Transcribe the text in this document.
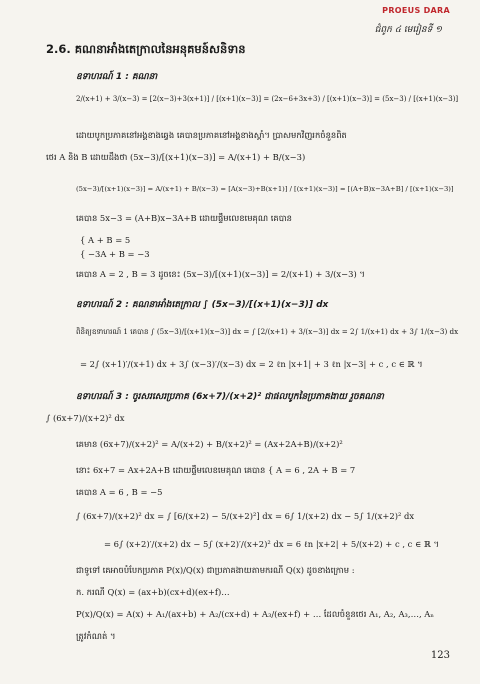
PROEUS DARA
ជំពូក ៤ មេរៀនទី ១
2.6. គណនាអាំងតេក្រាលនៃអនុគមន៍សនិទាន
ឧទាហរណ៍ 1 : គណនា
2/(x+1) + 3/(x−3) = [2(x−3)+3(x+1)] / [(x+1)(x−3)] = (2x−6+3x+3) / [(x+1)(x−3)] = (5x−3) / [(x+1)(x−3)]
ដោយបូកប្រភាគនៅអង្គខាងឆ្វេង គេបានប្រភាគនៅអង្គខាងស្ដាំ។ ប្រាសមកវិញរកចំនួនពិត
ថេរ A និង B ដោយដឹងថា (5x−3)/[(x+1)(x−3)] = A/(x+1) + B/(x−3)
(5x−3)/[(x+1)(x−3)] = A/(x+1) + B/(x−3) = [A(x−3)+B(x+1)] / [(x+1)(x−3)] = [(A+B)x−3A+B] / [(x+1)(x−3)]
គេបាន 5x−3 = (A+B)x−3A+B ដោយផ្ទឹមលេខមេគុណ គេបាន
{ A + B = 5
{ −3A + B = −3
គេបាន A = 2 , B = 3 ដូចនេះ (5x−3)/[(x+1)(x−3)] = 2/(x+1) + 3/(x−3) ។
ឧទាហរណ៍ 2 : គណនាអាំងតេក្រាល ∫ (5x−3)/[(x+1)(x−3)] dx
ពិនិត្យឧទាហរណ៍ 1 គេបាន ∫ (5x−3)/[(x+1)(x−3)] dx = ∫ [2/(x+1) + 3/(x−3)] dx = 2∫ 1/(x+1) dx + 3∫ 1/(x−3) dx
= 2∫ (x+1)′/(x+1) dx + 3∫ (x−3)′/(x−3) dx = 2 ℓn |x+1| + 3 ℓn |x−3| + c , c ∈ ℝ ។
ឧទាហរណ៍ 3 : ចូរសរសេរប្រភាគ (6x+7)/(x+2)² ជាផលបូកនៃប្រភាគងាយ រួចគណនា
∫ (6x+7)/(x+2)² dx
គេមាន (6x+7)/(x+2)² = A/(x+2) + B/(x+2)² = (Ax+2A+B)/(x+2)²
នោះ 6x+7 = Ax+2A+B ដោយផ្ទឹមលេខមេគុណ គេបាន { A = 6 , 2A + B = 7
គេបាន A = 6 , B = −5
∫ (6x+7)/(x+2)² dx = ∫ [6/(x+2) − 5/(x+2)²] dx = 6∫ 1/(x+2) dx − 5∫ 1/(x+2)² dx
= 6∫ (x+2)′/(x+2) dx − 5∫ (x+2)′/(x+2)² dx = 6 ℓn |x+2| + 5/(x+2) + c , c ∈ ℝ ។
ជាទូទៅ គេអាចបំបែកប្រភាគ P(x)/Q(x) ជាប្រភាគងាយតាមករណី Q(x) ដូចខាងក្រោម :
ក. ករណី Q(x) = (ax+b)(cx+d)(ex+f)…
P(x)/Q(x) = A(x) + A₁/(ax+b) + A₂/(cx+d) + A₃/(ex+f) + … ដែលចំនួនថេរ A₁, A₂, A₃,…, Aₙ
ត្រូវកំណត់ ។
123
